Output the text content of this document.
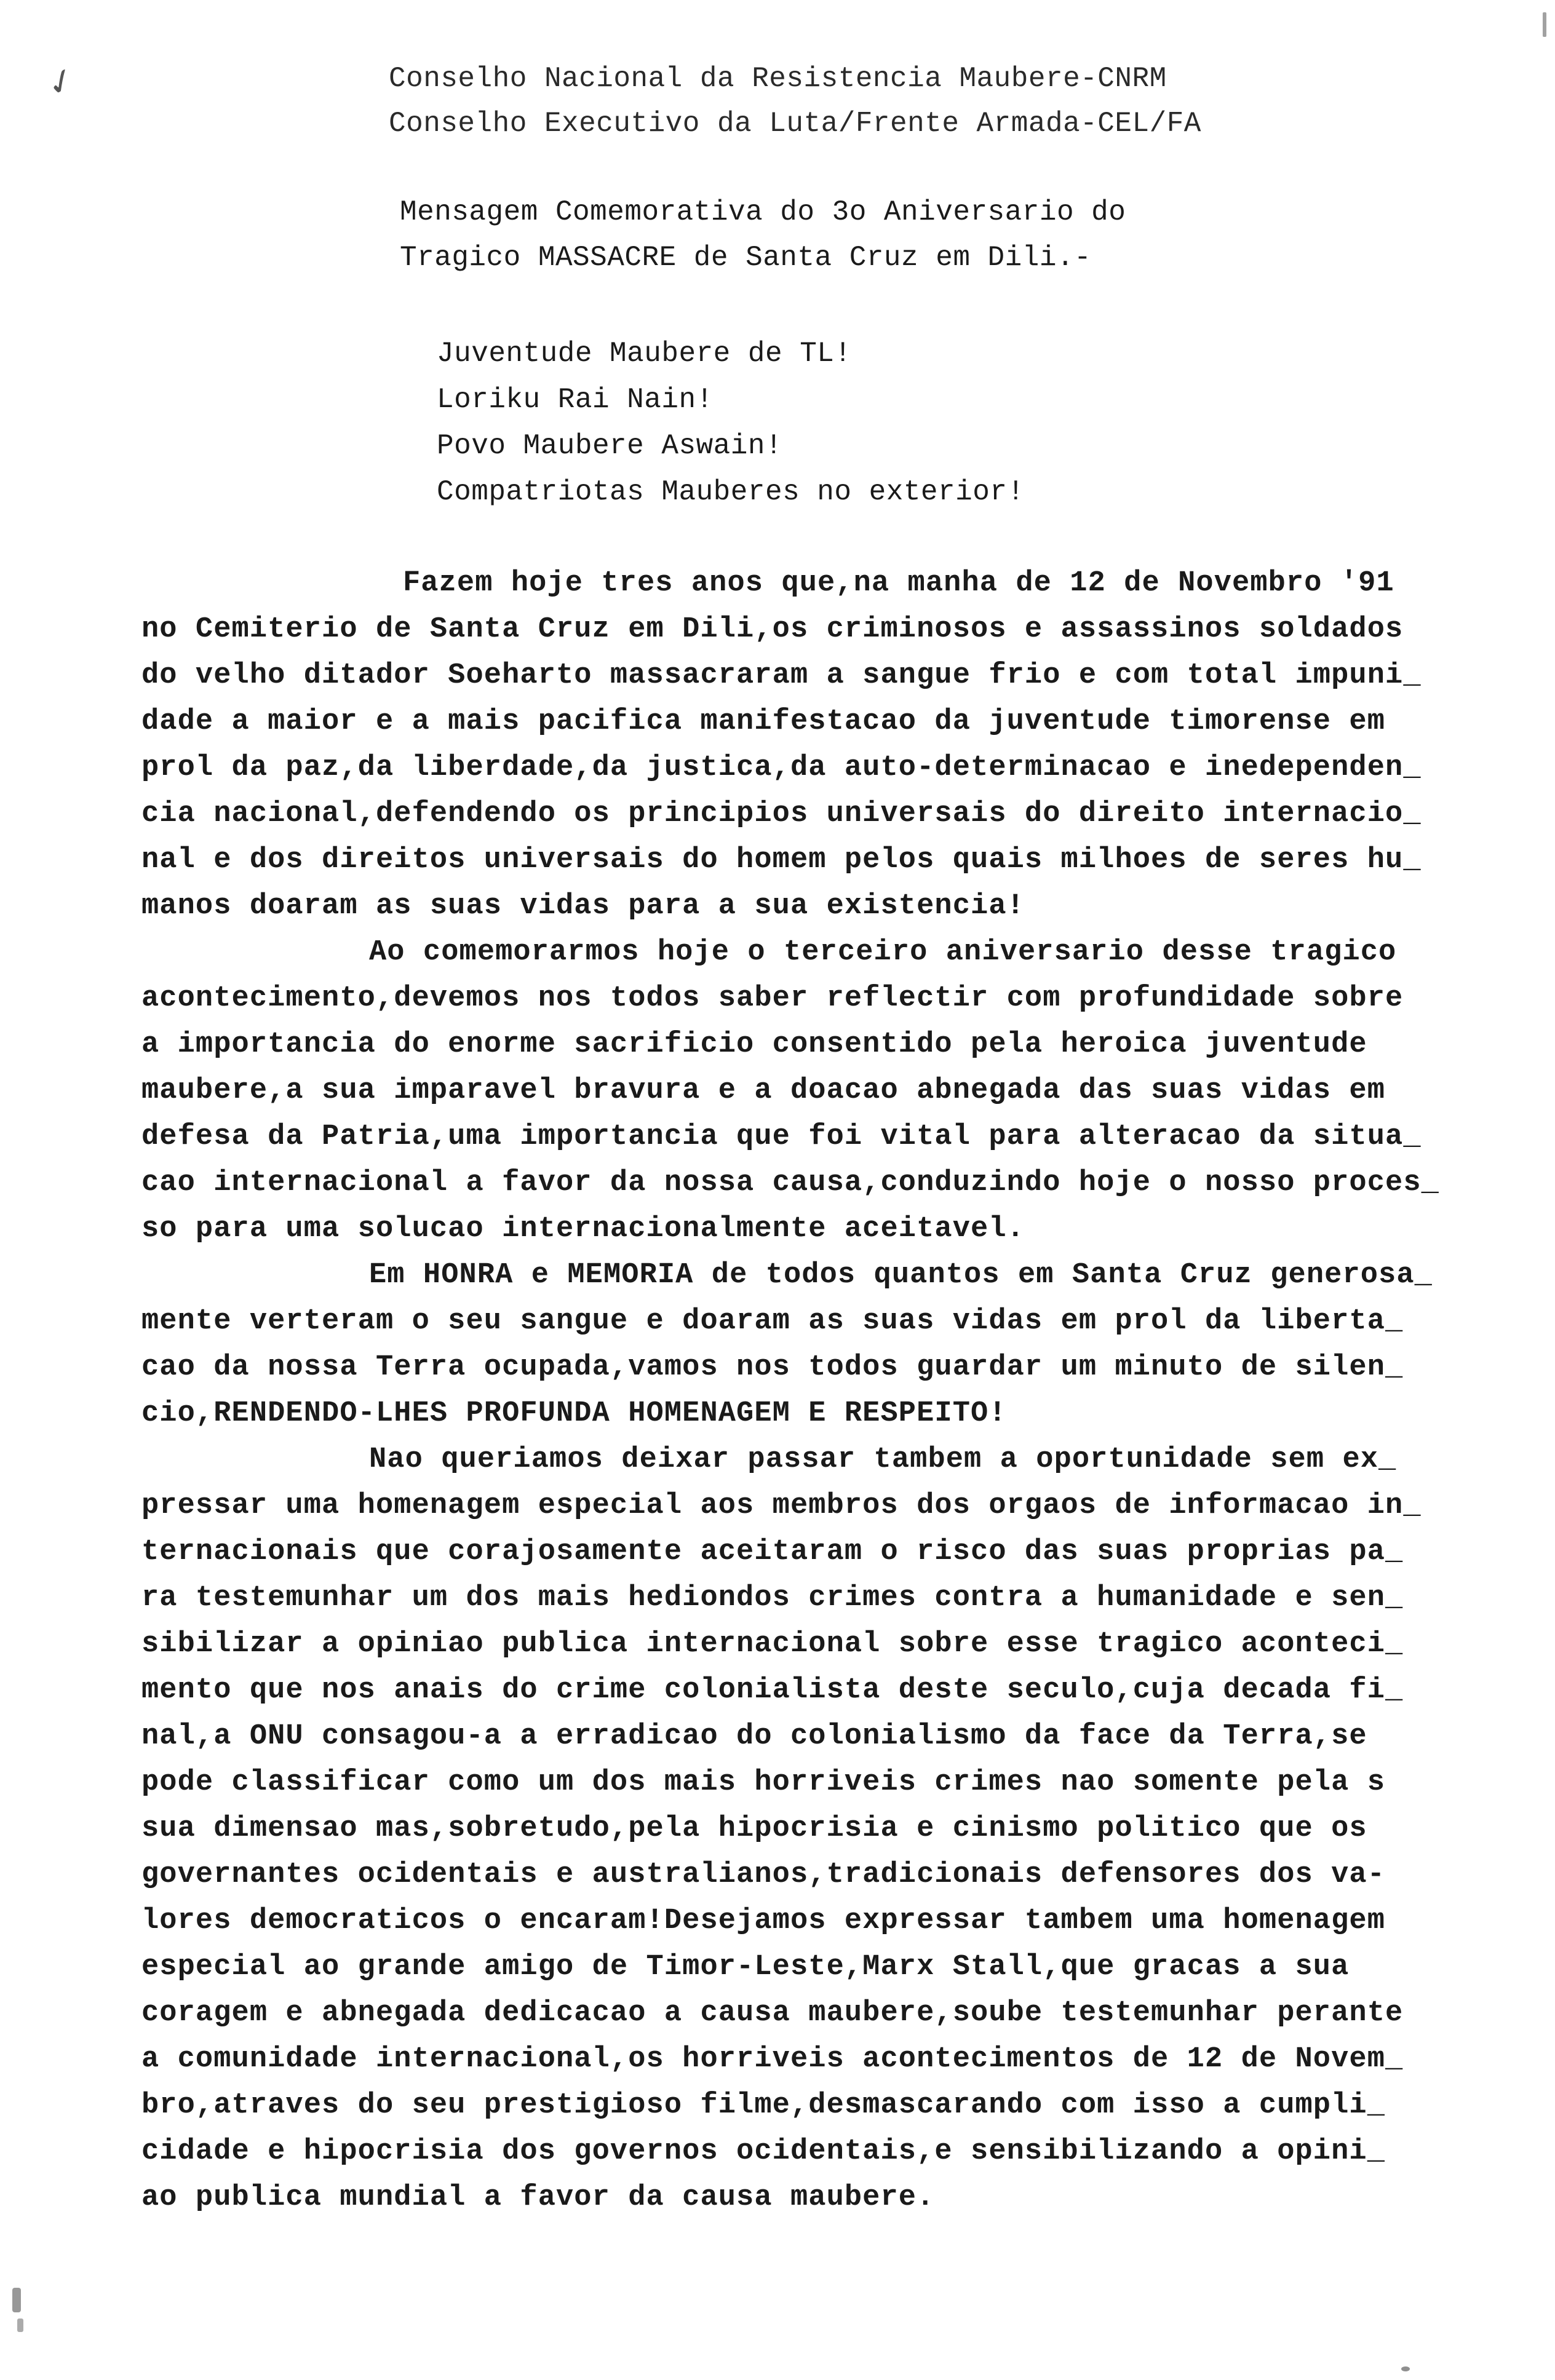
✓	Conselho Nacional da Resistencia Maubere-CNRM
Conselho Executivo da Luta/Frente Armada-CEL/FA
Mensagem Comemorativa do 3o Aniversario do
Tragico MASSACRE de Santa Cruz em Dili.-
Juventude Maubere de TL!
Loriku Rai Nain!
Povo Maubere Aswain!
Compatriotas Mauberes no exterior!
Fazem hoje tres anos que,na manha de 12 de Novembro '91
no Cemiterio de Santa Cruz em Dili,os criminosos e assassinos soldados
do velho ditador Soeharto massacraram a sangue frio e com total impuni_
dade a maior e a mais pacifica manifestacao da juventude timorense em
prol da paz,da liberdade,da justica,da auto-determinacao e inedependen_
cia nacional,defendendo os principios universais do direito internacio_
nal e dos direitos universais do homem pelos quais milhoes de seres hu_
manos doaram as suas vidas para a sua existencia!
Ao comemorarmos hoje o terceiro aniversario desse tragico
acontecimento,devemos nos todos saber reflectir com profundidade sobre
a importancia do enorme sacrificio consentido pela heroica juventude
maubere,a sua imparavel bravura e a doacao abnegada das suas vidas em
defesa da Patria,uma importancia que foi vital para alteracao da situa_
cao internacional a favor da nossa causa,conduzindo hoje o nosso proces_
so para uma solucao internacionalmente aceitavel.
Em HONRA e MEMORIA de todos quantos em Santa Cruz generosa_
mente verteram o seu sangue e doaram as suas vidas em prol da liberta_
cao da nossa Terra ocupada,vamos nos todos guardar um minuto de silen_
cio,RENDENDO-LHES PROFUNDA HOMENAGEM E RESPEITO!
Nao queriamos deixar passar tambem a oportunidade sem ex_
pressar uma homenagem especial aos membros dos orgaos de informacao in_
ternacionais que corajosamente aceitaram o risco das suas proprias pa_
ra testemunhar um dos mais hediondos crimes contra a humanidade e sen_
sibilizar a opiniao publica internacional sobre esse tragico aconteci_
mento que nos anais do crime colonialista deste seculo,cuja decada fi_
nal,a ONU consagou-a a erradicao do colonialismo da face da Terra,se
pode classificar como um dos mais horriveis crimes nao somente pela s
sua dimensao mas,sobretudo,pela hipocrisia e cinismo politico que os
governantes ocidentais e australianos,tradicionais defensores dos va-
lores democraticos o encaram!Desejamos expressar tambem uma homenagem
especial ao grande amigo de Timor-Leste,Marx Stall,que gracas a sua
coragem e abnegada dedicacao a causa maubere,soube testemunhar perante
a comunidade internacional,os horriveis acontecimentos de 12 de Novem_
bro,atraves do seu prestigioso filme,desmascarando com isso a cumpli_
cidade e hipocrisia dos governos ocidentais,e sensibilizando a opini_
ao publica mundial a favor da causa maubere.
